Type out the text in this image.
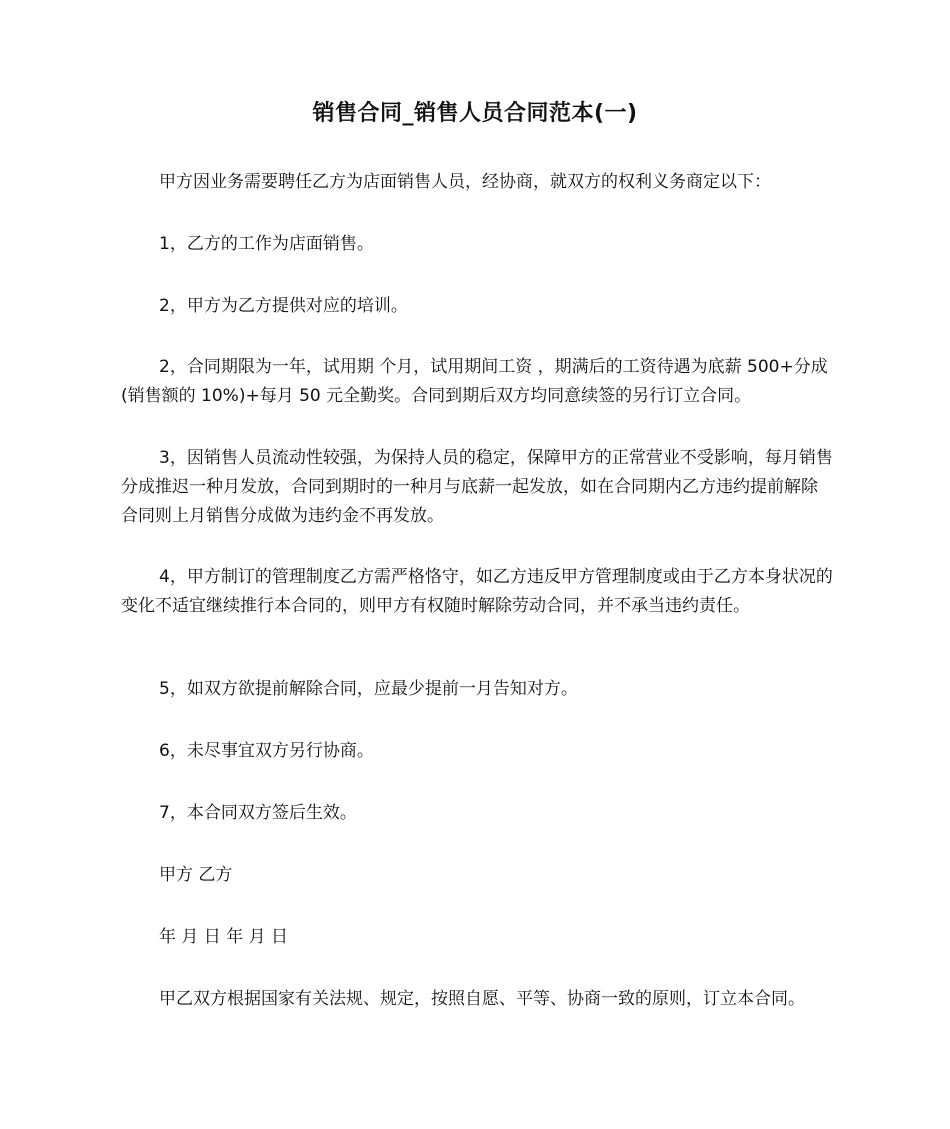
销售合同_销售人员合同范本(一)

甲方因业务需要聘任乙方为店面销售人员，经协商，就双方的权利义务商定以下：

1，乙方的工作为店面销售。

2，甲方为乙方提供对应的培训。

2，合同期限为一年，试用期 个月，试用期间工资 ，期满后的工资待遇为底薪 500+分成(销售额的 10%)+每月 50 元全勤奖。合同到期后双方均同意续签的另行订立合同。

3，因销售人员流动性较强，为保持人员的稳定，保障甲方的正常营业不受影响，每月销售分成推迟一种月发放，合同到期时的一种月与底薪一起发放，如在合同期内乙方违约提前解除合同则上月销售分成做为违约金不再发放。

4，甲方制订的管理制度乙方需严格恪守，如乙方违反甲方管理制度或由于乙方本身状况的变化不适宜继续推行本合同的，则甲方有权随时解除劳动合同，并不承当违约责任。

5，如双方欲提前解除合同，应最少提前一月告知对方。

6，未尽事宜双方另行协商。

7，本合同双方签后生效。

甲方 乙方

年 月 日 年 月 日

甲乙双方根据国家有关法规、规定，按照自愿、平等、协商一致的原则，订立本合同。
